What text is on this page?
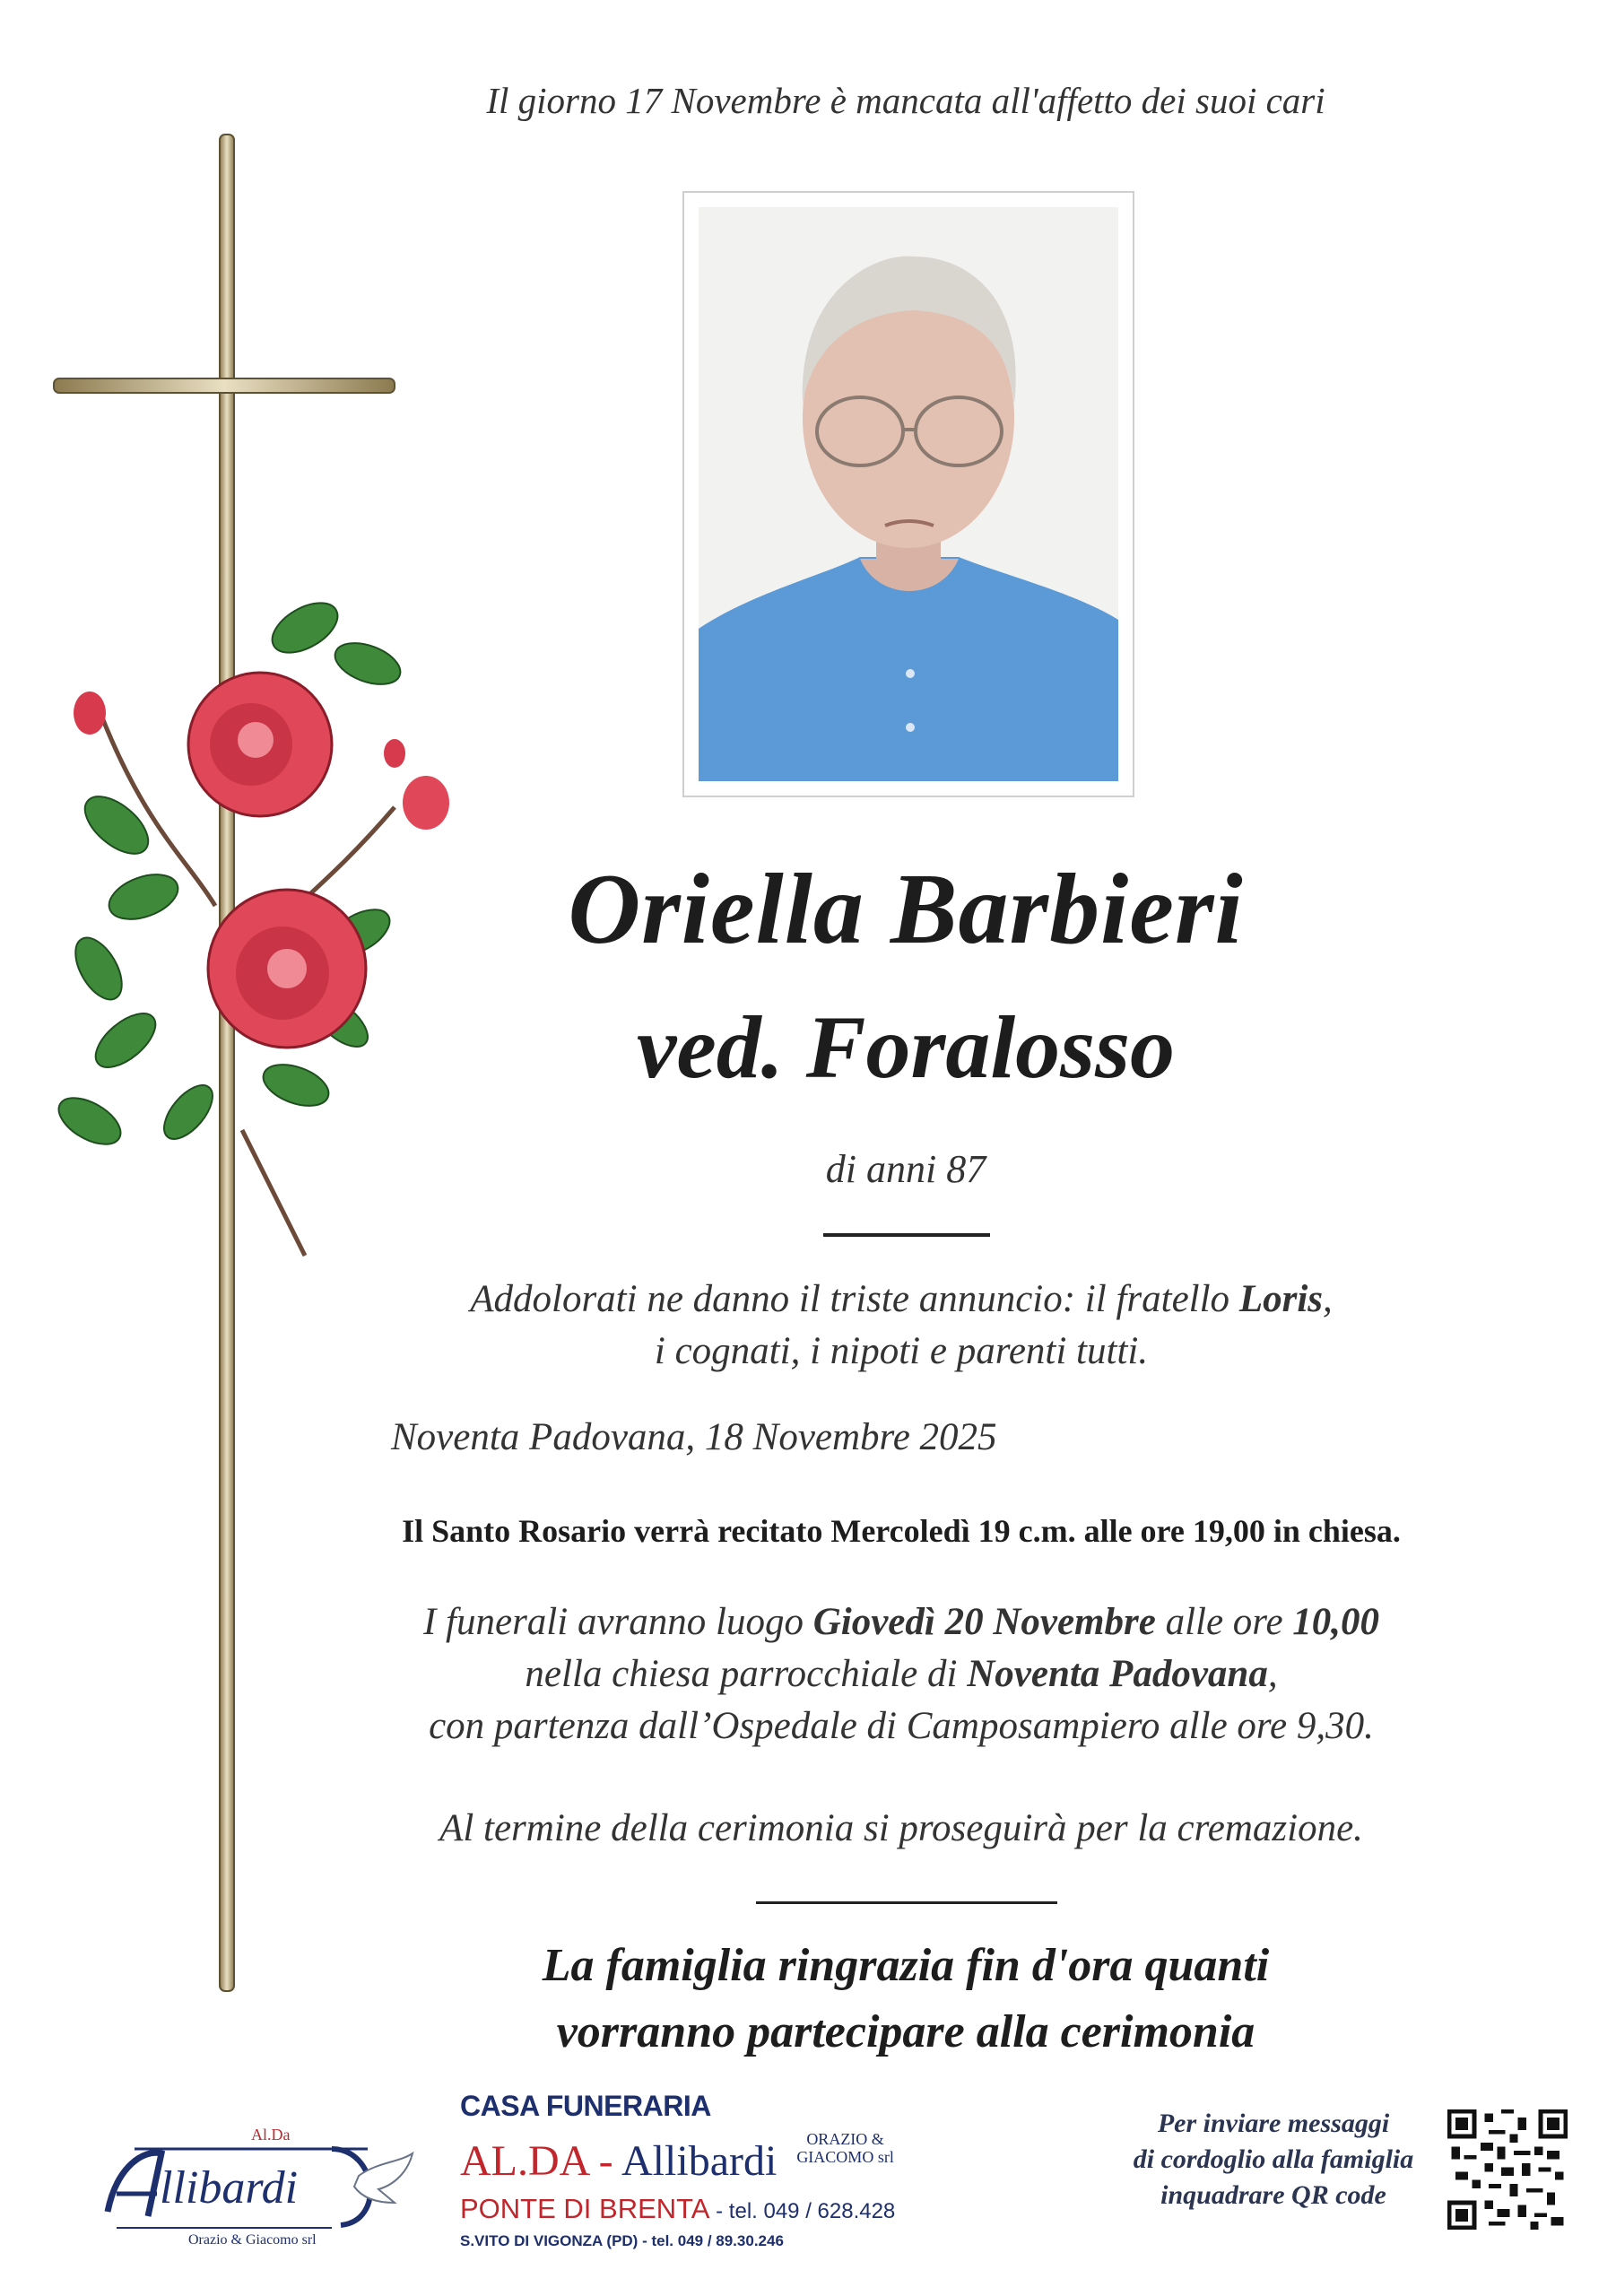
Il giorno 17 Novembre è mancata all'affetto dei suoi cari
Oriella Barbieri
ved. Foralosso
di anni 87
Addolorati ne danno il triste annuncio: il fratello Loris,
i cognati, i nipoti e parenti tutti.
Noventa Padovana, 18 Novembre 2025
Il Santo Rosario verrà recitato Mercoledì 19 c.m. alle ore 19,00 in chiesa.
I funerali avranno luogo Giovedì 20 Novembre alle ore 10,00
nella chiesa parrocchiale di Noventa Padovana,
con partenza dall’Ospedale di Camposampiero alle ore 9,30.
Al termine della cerimonia si proseguirà per la cremazione.
La famiglia ringrazia fin d'ora quanti
vorranno partecipare alla cerimonia
Al.Da
llibardi
Orazio & Giacomo srl
CASA FUNERARIA
AL.DA - Allibardi ORAZIO &
GIACOMO srl
PONTE DI BRENTA - tel. 049 / 628.428
S.VITO DI VIGONZA (PD) - tel. 049 / 89.30.246
Per inviare messaggi
di cordoglio alla famiglia
inquadrare QR code
